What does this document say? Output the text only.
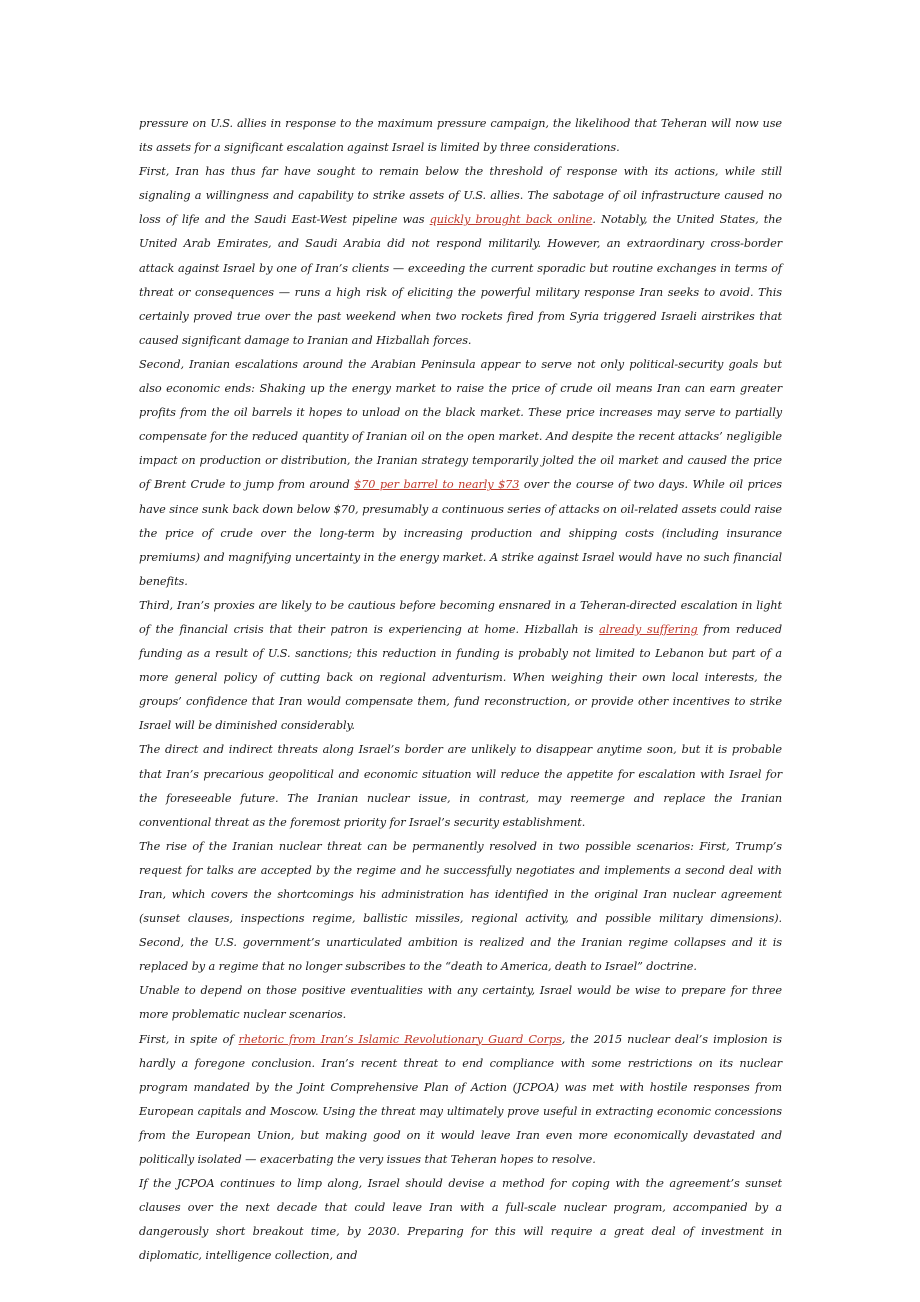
pressure on U.S. allies in response to the maximum pressure campaign, the likelihood that Teheran will now use its assets for a significant escalation against Israel is limited by three considerations.

First, Iran has thus far have sought to remain below the threshold of response with its actions, while still signaling a willingness and capability to strike assets of U.S. allies. The sabotage of oil infrastructure caused no loss of life and the Saudi East-West pipeline was quickly brought back online. Notably, the United States, the United Arab Emirates, and Saudi Arabia did not respond militarily. However, an extraordinary cross-border attack against Israel by one of Iran’s clients — exceeding the current sporadic but routine exchanges in terms of threat or consequences — runs a high risk of eliciting the powerful military response Iran seeks to avoid. This certainly proved true over the past weekend when two rockets fired from Syria triggered Israeli airstrikes that caused significant damage to Iranian and Hizballah forces.

Second, Iranian escalations around the Arabian Peninsula appear to serve not only political-security goals but also economic ends: Shaking up the energy market to raise the price of crude oil means Iran can earn greater profits from the oil barrels it hopes to unload on the black market. These price increases may serve to partially compensate for the reduced quantity of Iranian oil on the open market. And despite the recent attacks’ negligible impact on production or distribution, the Iranian strategy temporarily jolted the oil market and caused the price of Brent Crude to jump from around $70 per barrel to nearly $73 over the course of two days. While oil prices have since sunk back down below $70, presumably a continuous series of attacks on oil-related assets could raise the price of crude over the long-term by increasing production and shipping costs (including insurance premiums) and magnifying uncertainty in the energy market. A strike against Israel would have no such financial benefits.

Third, Iran’s proxies are likely to be cautious before becoming ensnared in a Teheran-directed escalation in light of the financial crisis that their patron is experiencing at home. Hizballah is already suffering from reduced funding as a result of U.S. sanctions; this reduction in funding is probably not limited to Lebanon but part of a more general policy of cutting back on regional adventurism. When weighing their own local interests, the groups’ confidence that Iran would compensate them, fund reconstruction, or provide other incentives to strike Israel will be diminished considerably.

The direct and indirect threats along Israel’s border are unlikely to disappear anytime soon, but it is probable that Iran’s precarious geopolitical and economic situation will reduce the appetite for escalation with Israel for the foreseeable future. The Iranian nuclear issue, in contrast, may reemerge and replace the Iranian conventional threat as the foremost priority for Israel’s security establishment.

The rise of the Iranian nuclear threat can be permanently resolved in two possible scenarios: First, Trump’s request for talks are accepted by the regime and he successfully negotiates and implements a second deal with Iran, which covers the shortcomings his administration has identified in the original Iran nuclear agreement (sunset clauses, inspections regime, ballistic missiles, regional activity, and possible military dimensions). Second, the U.S. government’s unarticulated ambition is realized and the Iranian regime collapses and it is replaced by a regime that no longer subscribes to the “death to America, death to Israel” doctrine.

Unable to depend on those positive eventualities with any certainty, Israel would be wise to prepare for three more problematic nuclear scenarios.

First, in spite of rhetoric from Iran’s Islamic Revolutionary Guard Corps, the 2015 nuclear deal’s implosion is hardly a foregone conclusion. Iran’s recent threat to end compliance with some restrictions on its nuclear program mandated by the Joint Comprehensive Plan of Action (JCPOA) was met with hostile responses from European capitals and Moscow. Using the threat may ultimately prove useful in extracting economic concessions from the European Union, but making good on it would leave Iran even more economically devastated and politically isolated — exacerbating the very issues that Teheran hopes to resolve.

If the JCPOA continues to limp along, Israel should devise a method for coping with the agreement’s sunset clauses over the next decade that could leave Iran with a full-scale nuclear program, accompanied by a dangerously short breakout time, by 2030. Preparing for this will require a great deal of investment in diplomatic, intelligence collection, and
